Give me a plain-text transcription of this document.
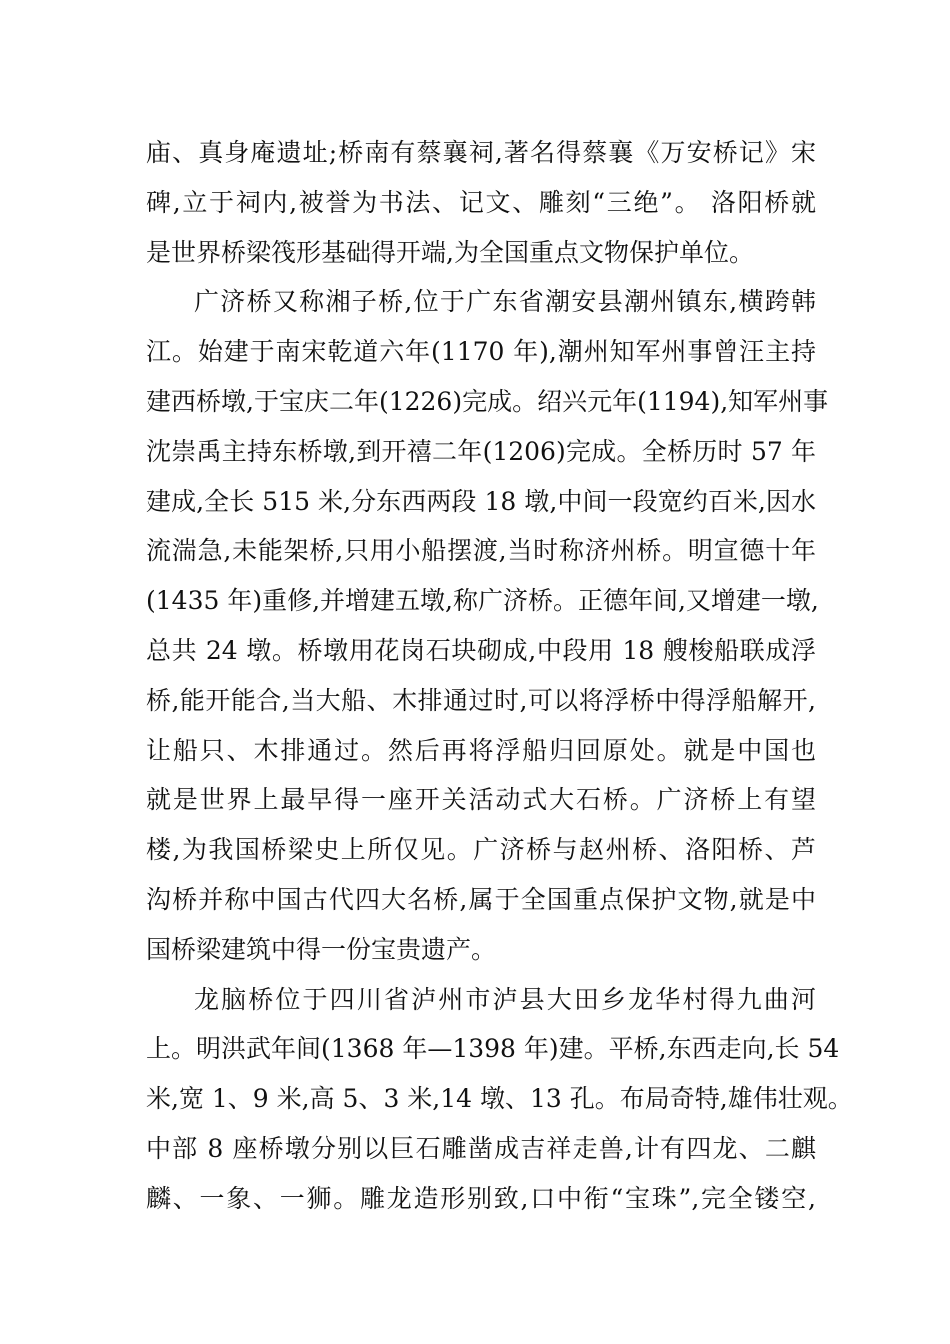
庙、真身庵遗址;桥南有蔡襄祠,著名得蔡襄《万安桥记》宋
碑,立于祠内,被誉为书法、记文、雕刻“三绝”。 洛阳桥就
是世界桥梁筏形基础得开端,为全国重点文物保护单位。
广济桥又称湘子桥,位于广东省潮安县潮州镇东,横跨韩
江。始建于南宋乾道六年(1170 年),潮州知军州事曾汪主持
建西桥墩,于宝庆二年(1226)完成。绍兴元年(1194),知军州事
沈崇禹主持东桥墩,到开禧二年(1206)完成。全桥历时 57 年
建成,全长 515 米,分东西两段 18 墩,中间一段宽约百米,因水
流湍急,未能架桥,只用小船摆渡,当时称济州桥。明宣德十年
(1435 年)重修,并增建五墩,称广济桥。正德年间,又增建一墩,
总共 24 墩。桥墩用花岗石块砌成,中段用 18 艘梭船联成浮
桥,能开能合,当大船、木排通过时,可以将浮桥中得浮船解开,
让船只、木排通过。然后再将浮船归回原处。就是中国也
就是世界上最早得一座开关活动式大石桥。广济桥上有望
楼,为我国桥梁史上所仅见。广济桥与赵州桥、洛阳桥、芦
沟桥并称中国古代四大名桥,属于全国重点保护文物,就是中
国桥梁建筑中得一份宝贵遗产。
龙脑桥位于四川省泸州市泸县大田乡龙华村得九曲河
上。明洪武年间(1368 年—1398 年)建。平桥,东西走向,长 54
米,宽 1、9 米,高 5、3 米,14 墩、13 孔。布局奇特,雄伟壮观。
中部 8 座桥墩分别以巨石雕凿成吉祥走兽,计有四龙、二麒
麟、一象、一狮。雕龙造形别致,口中衔“宝珠”,完全镂空,
